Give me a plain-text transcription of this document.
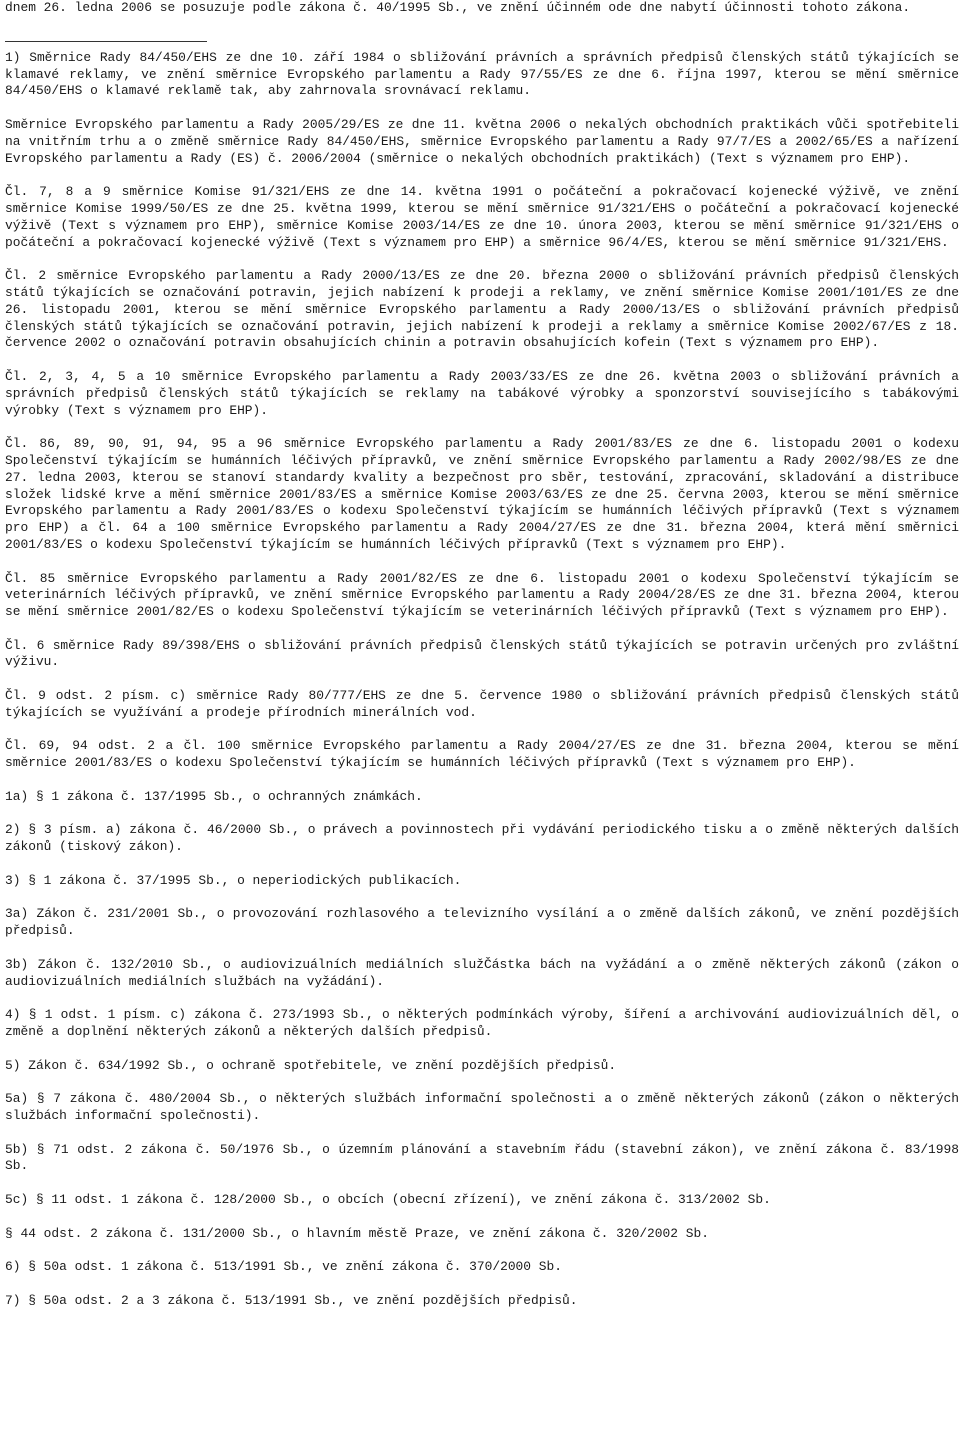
dnem 26. ledna 2006 se posuzuje podle zákona č. 40/1995 Sb., ve znění účinném ode dne nabytí účinnosti tohoto zákona.

1) Směrnice Rady 84/450/EHS ze dne 10. září 1984 o sbližování právních a správních předpisů členských států týkajících se klamavé reklamy, ve znění směrnice Evropského parlamentu a Rady 97/55/ES ze dne 6. října 1997, kterou se mění směrnice 84/450/EHS o klamavé reklamě tak, aby zahrnovala srovnávací reklamu.

Směrnice Evropského parlamentu a Rady 2005/29/ES ze dne 11. května 2006 o nekalých obchodních praktikách vůči spotřebiteli na vnitřním trhu a o změně směrnice Rady 84/450/EHS, směrnice Evropského parlamentu a Rady 97/7/ES a 2002/65/ES a nařízení Evropského parlamentu a Rady (ES) č. 2006/2004 (směrnice o nekalých obchodních praktikách) (Text s významem pro EHP).

Čl. 7, 8 a 9 směrnice Komise 91/321/EHS ze dne 14. května 1991 o počáteční a pokračovací kojenecké výživě, ve znění směrnice Komise 1999/50/ES ze dne 25. května 1999, kterou se mění směrnice 91/321/EHS o počáteční a pokračovací kojenecké výživě (Text s významem pro EHP), směrnice Komise 2003/14/ES ze dne 10. února 2003, kterou se mění směrnice 91/321/EHS o počáteční a pokračovací kojenecké výživě (Text s významem pro EHP) a směrnice 96/4/ES, kterou se mění směrnice 91/321/EHS.

Čl. 2 směrnice Evropského parlamentu a Rady 2000/13/ES ze dne 20. března 2000 o sbližování právních předpisů členských států týkajících se označování potravin, jejich nabízení k prodeji a reklamy, ve znění směrnice Komise 2001/101/ES ze dne 26. listopadu 2001, kterou se mění směrnice Evropského parlamentu a Rady 2000/13/ES o sbližování právních předpisů členských států týkajících se označování potravin, jejich nabízení k prodeji a reklamy a směrnice Komise 2002/67/ES z 18. července 2002 o označování potravin obsahujících chinin a potravin obsahujících kofein (Text s významem pro EHP).

Čl. 2, 3, 4, 5 a 10 směrnice Evropského parlamentu a Rady 2003/33/ES ze dne 26. května 2003 o sbližování právních a správních předpisů členských států týkajících se reklamy na tabákové výrobky a sponzorství souvisejícího s tabákovými výrobky (Text s významem pro EHP).

Čl. 86, 89, 90, 91, 94, 95 a 96 směrnice Evropského parlamentu a Rady 2001/83/ES ze dne 6. listopadu 2001 o kodexu Společenství týkajícím se humánních léčivých přípravků, ve znění směrnice Evropského parlamentu a Rady 2002/98/ES ze dne 27. ledna 2003, kterou se stanoví standardy kvality a bezpečnost pro sběr, testování, zpracování, skladování a distribuce složek lidské krve a mění směrnice 2001/83/ES a směrnice Komise 2003/63/ES ze dne 25. června 2003, kterou se mění směrnice Evropského parlamentu a Rady 2001/83/ES o kodexu Společenství týkajícím se humánních léčivých přípravků (Text s významem pro EHP) a čl. 64 a 100 směrnice Evropského parlamentu a Rady 2004/27/ES ze dne 31. března 2004, která mění směrnici 2001/83/ES o kodexu Společenství týkajícím se humánních léčivých přípravků (Text s významem pro EHP).

Čl. 85 směrnice Evropského parlamentu a Rady 2001/82/ES ze dne 6. listopadu 2001 o kodexu Společenství týkajícím se veterinárních léčivých přípravků, ve znění směrnice Evropského parlamentu a Rady 2004/28/ES ze dne 31. března 2004, kterou se mění směrnice 2001/82/ES o kodexu Společenství týkajícím se veterinárních léčivých přípravků (Text s významem pro EHP).

Čl. 6 směrnice Rady 89/398/EHS o sbližování právních předpisů členských států týkajících se potravin určených pro zvláštní výživu.

Čl. 9 odst. 2 písm. c) směrnice Rady 80/777/EHS ze dne 5. července 1980 o sbližování právních předpisů členských států týkajících se využívání a prodeje přírodních minerálních vod.

Čl. 69, 94 odst. 2 a čl. 100 směrnice Evropského parlamentu a Rady 2004/27/ES ze dne 31. března 2004, kterou se mění směrnice 2001/83/ES o kodexu Společenství týkajícím se humánních léčivých přípravků (Text s významem pro EHP).

1a) § 1 zákona č. 137/1995 Sb., o ochranných známkách.

2) § 3 písm. a) zákona č. 46/2000 Sb., o právech a povinnostech při vydávání periodického tisku a o změně některých dalších zákonů (tiskový zákon).

3) § 1 zákona č. 37/1995 Sb., o neperiodických publikacích.

3a) Zákon č. 231/2001 Sb., o provozování rozhlasového a televizního vysílání a o změně dalších zákonů, ve znění pozdějších předpisů.

3b) Zákon č. 132/2010 Sb., o audiovizuálních mediálních služČástka bách na vyžádání a o změně některých zákonů (zákon o audiovizuálních mediálních službách na vyžádání).

4) § 1 odst. 1 písm. c) zákona č. 273/1993 Sb., o některých podmínkách výroby, šíření a archivování audiovizuálních děl, o změně a doplnění některých zákonů a některých dalších předpisů.

5) Zákon č. 634/1992 Sb., o ochraně spotřebitele, ve znění pozdějších předpisů.

5a) § 7 zákona č. 480/2004 Sb., o některých službách informační společnosti a o změně některých zákonů (zákon o některých službách informační společnosti).

5b) § 71 odst. 2 zákona č. 50/1976 Sb., o územním plánování a stavebním řádu (stavební zákon), ve znění zákona č. 83/1998 Sb.

5c) § 11 odst. 1 zákona č. 128/2000 Sb., o obcích (obecní zřízení), ve znění zákona č. 313/2002 Sb.

§ 44 odst. 2 zákona č. 131/2000 Sb., o hlavním městě Praze, ve znění zákona č. 320/2002 Sb.

6) § 50a odst. 1 zákona č. 513/1991 Sb., ve znění zákona č. 370/2000 Sb.

7) § 50a odst. 2 a 3 zákona č. 513/1991 Sb., ve znění pozdějších předpisů.
